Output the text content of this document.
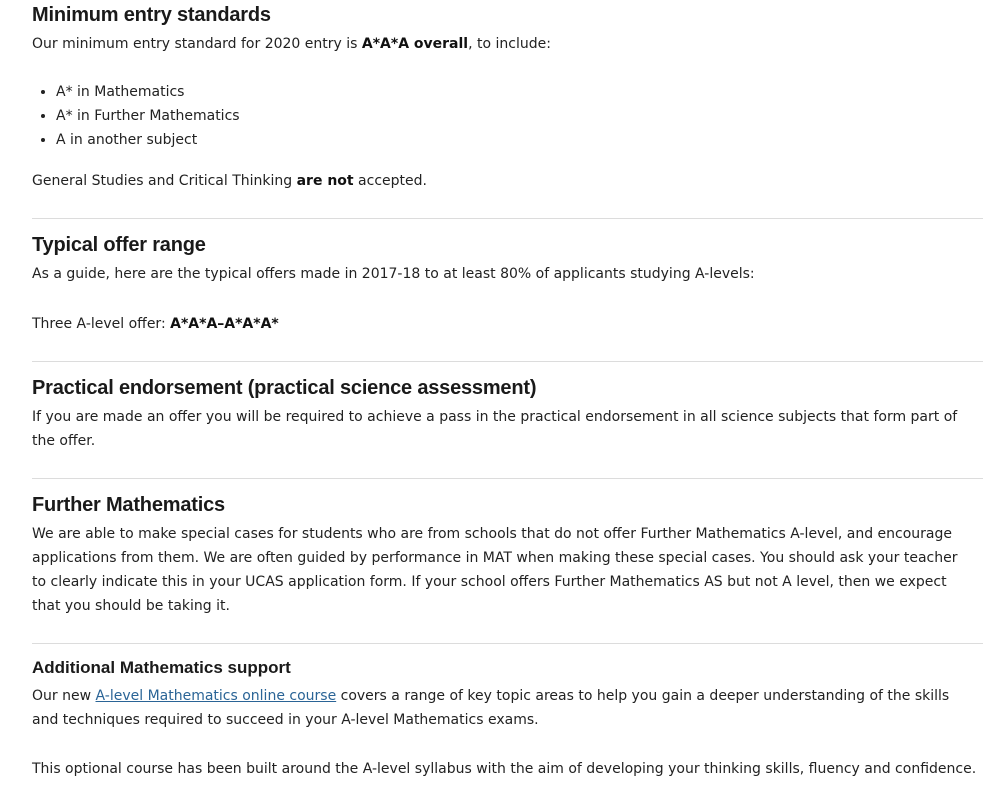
Minimum entry standards

Our minimum entry standard for 2020 entry is A*A*A overall, to include:

• A* in Mathematics
• A* in Further Mathematics
• A in another subject

General Studies and Critical Thinking are not accepted.

Typical offer range

As a guide, here are the typical offers made in 2017-18 to at least 80% of applicants studying A-levels:

Three A-level offer: A*A*A–A*A*A*

Practical endorsement (practical science assessment)

If you are made an offer you will be required to achieve a pass in the practical endorsement in all science subjects that form part of the offer.

Further Mathematics

We are able to make special cases for students who are from schools that do not offer Further Mathematics A-level, and encourage applications from them. We are often guided by performance in MAT when making these special cases. You should ask your teacher to clearly indicate this in your UCAS application form. If your school offers Further Mathematics AS but not A level, then we expect that you should be taking it.

Additional Mathematics support

Our new A-level Mathematics online course covers a range of key topic areas to help you gain a deeper understanding of the skills and techniques required to succeed in your A-level Mathematics exams.

This optional course has been built around the A-level syllabus with the aim of developing your thinking skills, fluency and confidence.
